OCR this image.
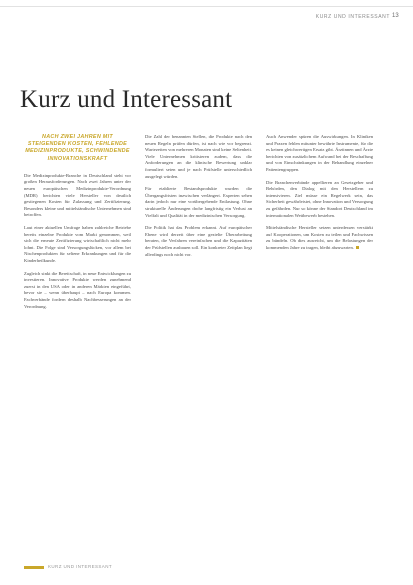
KURZ UND INTERESSANT 13
Kurz und Interessant

NACH ZWEI JAHREN MIT STEIGENDEN KOSTEN, FEHLENDE MEDIZINPRODUKTE, SCHWINDENDE INNOVATIONSKRAFT

Die Medizinprodukte-Branche in Deutschland steht vor großen Herausforderungen. Nach zwei Jahren unter der neuen europäischen Medizinprodukte-Verordnung (MDR) berichten viele Hersteller von deutlich gestiegenen Kosten für Zulassung und Zertifizierung. Besonders kleine und mittelständische Unternehmen sind betroffen.

Laut einer aktuellen Umfrage haben zahlreiche Betriebe bereits einzelne Produkte vom Markt genommen, weil sich die erneute Zertifizierung wirtschaftlich nicht mehr lohnt. Die Folge sind Versorgungslücken, vor allem bei Nischenprodukten für seltene Erkrankungen und für die Kinderheilkunde.

Zugleich sinkt die Bereitschaft, in neue Entwicklungen zu investieren. Innovative Produkte werden zunehmend zuerst in den USA oder in anderen Märkten eingeführt, bevor sie – wenn überhaupt – nach Europa kommen. Fachverbände fordern deshalb Nachbesserungen an der Verordnung.

Die Zahl der benannten Stellen, die Produkte nach den neuen Regeln prüfen dürfen, ist nach wie vor begrenzt. Wartezeiten von mehreren Monaten sind keine Seltenheit. Viele Unternehmen kritisieren zudem, dass die Anforderungen an die klinische Bewertung unklar formuliert seien und je nach Prüfstelle unterschiedlich ausgelegt würden.

Für etablierte Bestandsprodukte wurden die Übergangsfristen inzwischen verlängert. Experten sehen darin jedoch nur eine vorübergehende Entlastung. Ohne strukturelle Änderungen drohe langfristig ein Verlust an Vielfalt und Qualität in der medizinischen Versorgung.

Die Politik hat das Problem erkannt. Auf europäischer Ebene wird derzeit über eine gezielte Überarbeitung beraten, die Verfahren vereinfachen und die Kapazitäten der Prüfstellen ausbauen soll. Ein konkreter Zeitplan liegt allerdings noch nicht vor.

Auch Anwender spüren die Auswirkungen. In Kliniken und Praxen fehlen mitunter bewährte Instrumente, für die es keinen gleichwertigen Ersatz gibt. Ärztinnen und Ärzte berichten von zusätzlichem Aufwand bei der Beschaffung und von Einschränkungen in der Behandlung einzelner Patientengruppen.

Die Branchenverbände appellieren an Gesetzgeber und Behörden, den Dialog mit den Herstellern zu intensivieren. Ziel müsse ein Regelwerk sein, das Sicherheit gewährleistet, ohne Innovation und Versorgung zu gefährden. Nur so könne der Standort Deutschland im internationalen Wettbewerb bestehen.

Mittelständische Hersteller setzen unterdessen verstärkt auf Kooperationen, um Kosten zu teilen und Fachwissen zu bündeln. Ob dies ausreicht, um die Belastungen der kommenden Jahre zu tragen, bleibt abzuwarten.

KURZ UND INTERESSANT
